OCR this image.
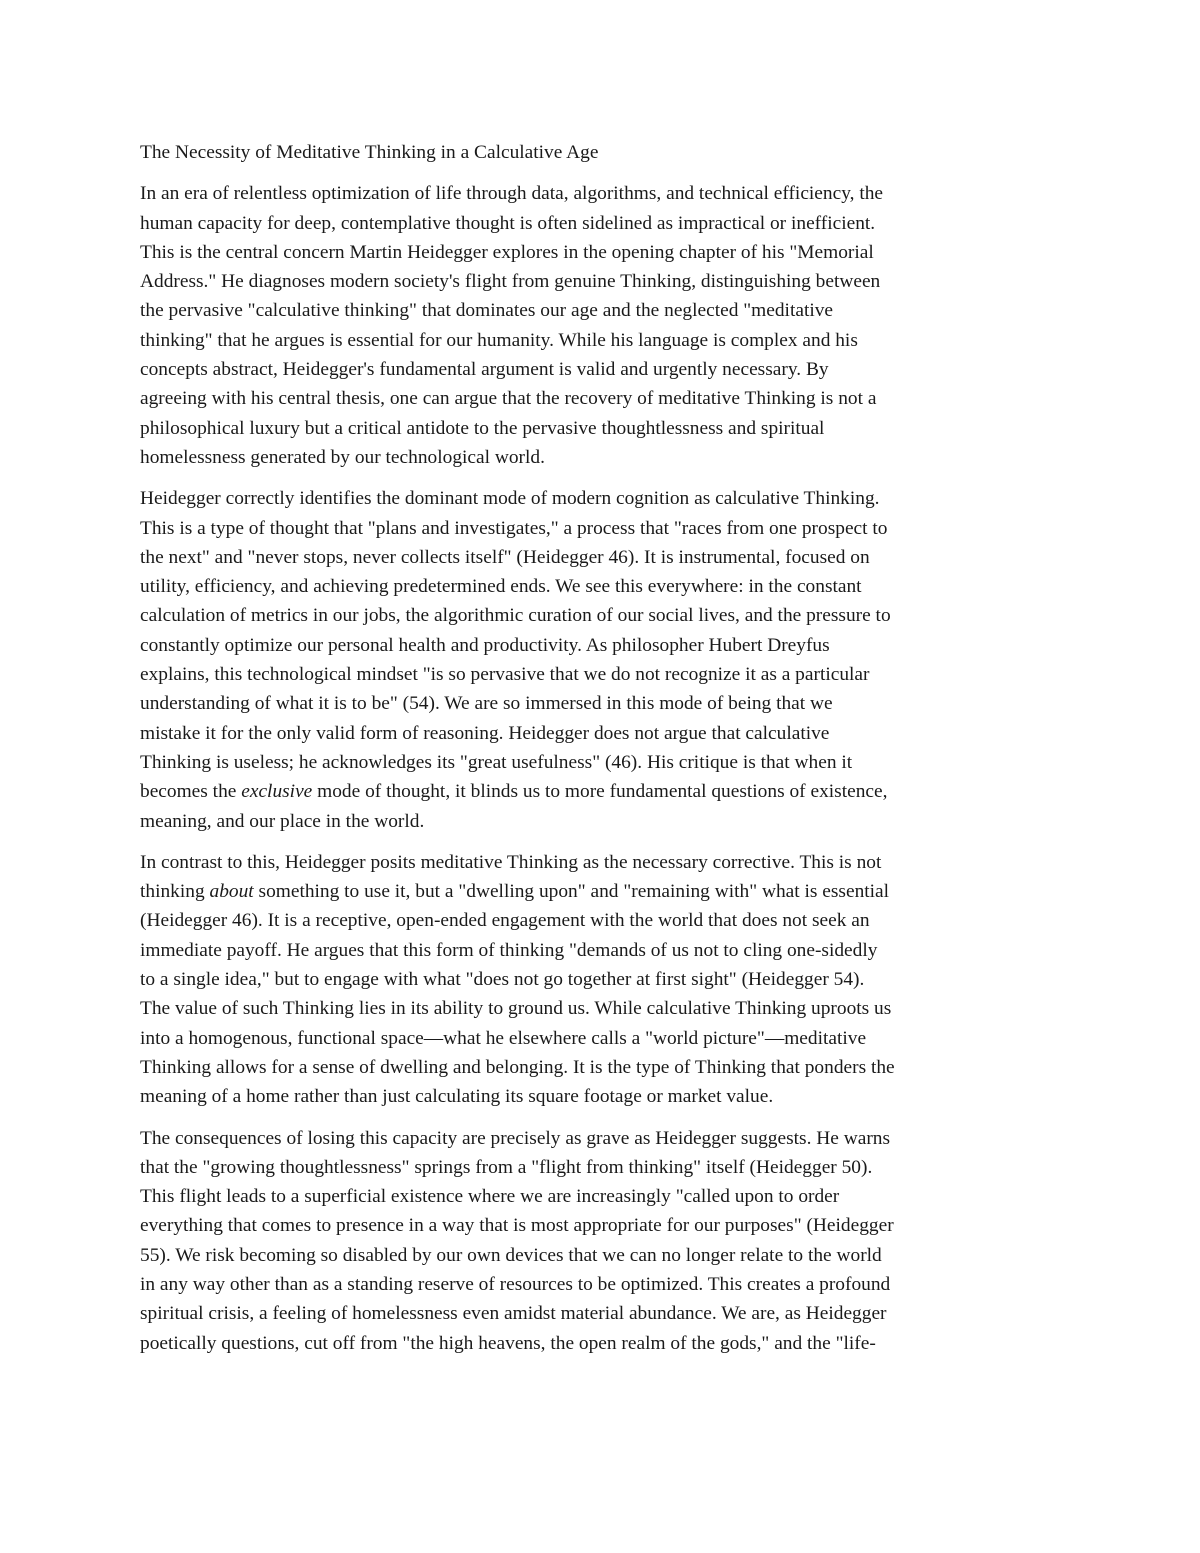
The Necessity of Meditative Thinking in a Calculative Age
In an era of relentless optimization of life through data, algorithms, and technical efficiency, the
human capacity for deep, contemplative thought is often sidelined as impractical or inefficient.
This is the central concern Martin Heidegger explores in the opening chapter of his "Memorial
Address." He diagnoses modern society's flight from genuine Thinking, distinguishing between
the pervasive "calculative thinking" that dominates our age and the neglected "meditative
thinking" that he argues is essential for our humanity. While his language is complex and his
concepts abstract, Heidegger's fundamental argument is valid and urgently necessary. By
agreeing with his central thesis, one can argue that the recovery of meditative Thinking is not a
philosophical luxury but a critical antidote to the pervasive thoughtlessness and spiritual
homelessness generated by our technological world.
Heidegger correctly identifies the dominant mode of modern cognition as calculative Thinking.
This is a type of thought that "plans and investigates," a process that "races from one prospect to
the next" and "never stops, never collects itself" (Heidegger 46). It is instrumental, focused on
utility, efficiency, and achieving predetermined ends. We see this everywhere: in the constant
calculation of metrics in our jobs, the algorithmic curation of our social lives, and the pressure to
constantly optimize our personal health and productivity. As philosopher Hubert Dreyfus
explains, this technological mindset "is so pervasive that we do not recognize it as a particular
understanding of what it is to be" (54). We are so immersed in this mode of being that we
mistake it for the only valid form of reasoning. Heidegger does not argue that calculative
Thinking is useless; he acknowledges its "great usefulness" (46). His critique is that when it
becomes the exclusive mode of thought, it blinds us to more fundamental questions of existence,
meaning, and our place in the world.
In contrast to this, Heidegger posits meditative Thinking as the necessary corrective. This is not
thinking about something to use it, but a "dwelling upon" and "remaining with" what is essential
(Heidegger 46). It is a receptive, open-ended engagement with the world that does not seek an
immediate payoff. He argues that this form of thinking "demands of us not to cling one-sidedly
to a single idea," but to engage with what "does not go together at first sight" (Heidegger 54).
The value of such Thinking lies in its ability to ground us. While calculative Thinking uproots us
into a homogenous, functional space—what he elsewhere calls a "world picture"—meditative
Thinking allows for a sense of dwelling and belonging. It is the type of Thinking that ponders the
meaning of a home rather than just calculating its square footage or market value.
The consequences of losing this capacity are precisely as grave as Heidegger suggests. He warns
that the "growing thoughtlessness" springs from a "flight from thinking" itself (Heidegger 50).
This flight leads to a superficial existence where we are increasingly "called upon to order
everything that comes to presence in a way that is most appropriate for our purposes" (Heidegger
55). We risk becoming so disabled by our own devices that we can no longer relate to the world
in any way other than as a standing reserve of resources to be optimized. This creates a profound
spiritual crisis, a feeling of homelessness even amidst material abundance. We are, as Heidegger
poetically questions, cut off from "the high heavens, the open realm of the gods," and the "life-
